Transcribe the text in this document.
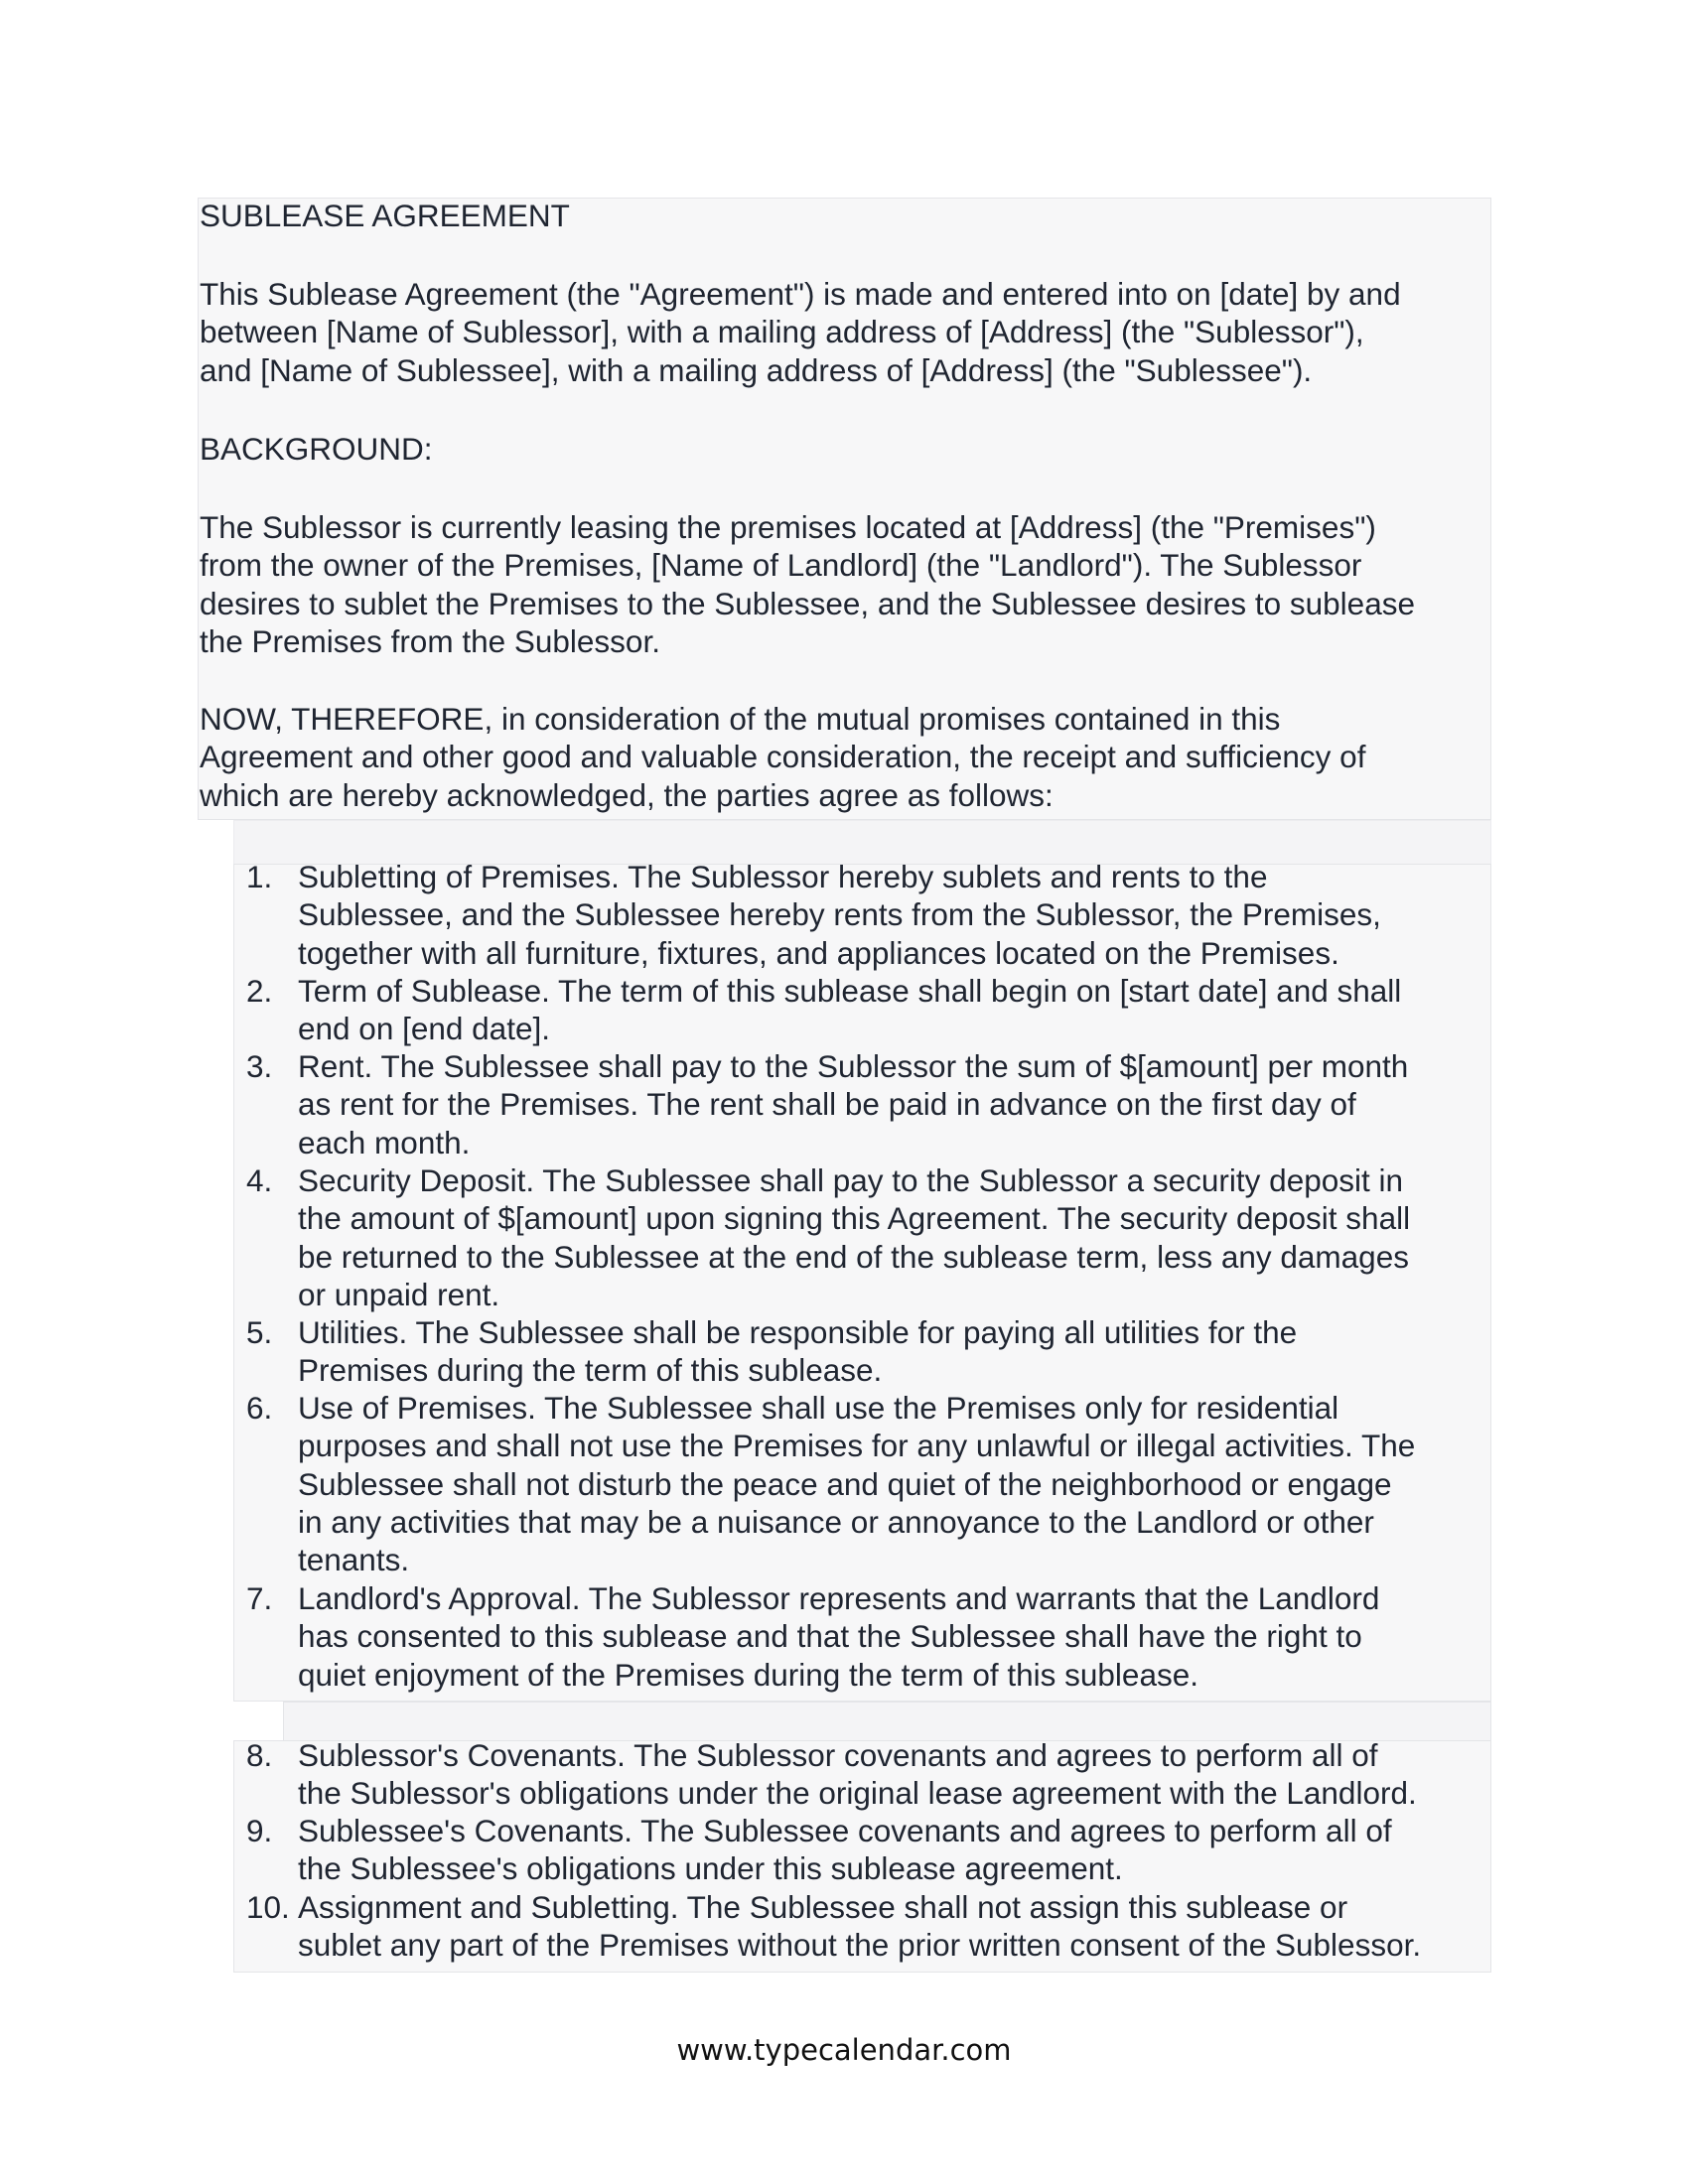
SUBLEASE AGREEMENT
This Sublease Agreement (the "Agreement") is made and entered into on [date] by and
between [Name of Sublessor], with a mailing address of [Address] (the "Sublessor"),
and [Name of Sublessee], with a mailing address of [Address] (the "Sublessee").
BACKGROUND:
The Sublessor is currently leasing the premises located at [Address] (the "Premises")
from the owner of the Premises, [Name of Landlord] (the "Landlord"). The Sublessor
desires to sublet the Premises to the Sublessee, and the Sublessee desires to sublease
the Premises from the Sublessor.
NOW, THEREFORE, in consideration of the mutual promises contained in this
Agreement and other good and valuable consideration, the receipt and sufficiency of
which are hereby acknowledged, the parties agree as follows:
1. Subletting of Premises. The Sublessor hereby sublets and rents to the
Sublessee, and the Sublessee hereby rents from the Sublessor, the Premises,
together with all furniture, fixtures, and appliances located on the Premises.
2. Term of Sublease. The term of this sublease shall begin on [start date] and shall
end on [end date].
3. Rent. The Sublessee shall pay to the Sublessor the sum of $[amount] per month
as rent for the Premises. The rent shall be paid in advance on the first day of
each month.
4. Security Deposit. The Sublessee shall pay to the Sublessor a security deposit in
the amount of $[amount] upon signing this Agreement. The security deposit shall
be returned to the Sublessee at the end of the sublease term, less any damages
or unpaid rent.
5. Utilities. The Sublessee shall be responsible for paying all utilities for the
Premises during the term of this sublease.
6. Use of Premises. The Sublessee shall use the Premises only for residential
purposes and shall not use the Premises for any unlawful or illegal activities. The
Sublessee shall not disturb the peace and quiet of the neighborhood or engage
in any activities that may be a nuisance or annoyance to the Landlord or other
tenants.
7. Landlord's Approval. The Sublessor represents and warrants that the Landlord
has consented to this sublease and that the Sublessee shall have the right to
quiet enjoyment of the Premises during the term of this sublease.
8. Sublessor's Covenants. The Sublessor covenants and agrees to perform all of
the Sublessor's obligations under the original lease agreement with the Landlord.
9. Sublessee's Covenants. The Sublessee covenants and agrees to perform all of
the Sublessee's obligations under this sublease agreement.
10. Assignment and Subletting. The Sublessee shall not assign this sublease or
sublet any part of the Premises without the prior written consent of the Sublessor.
www.typecalendar.com
